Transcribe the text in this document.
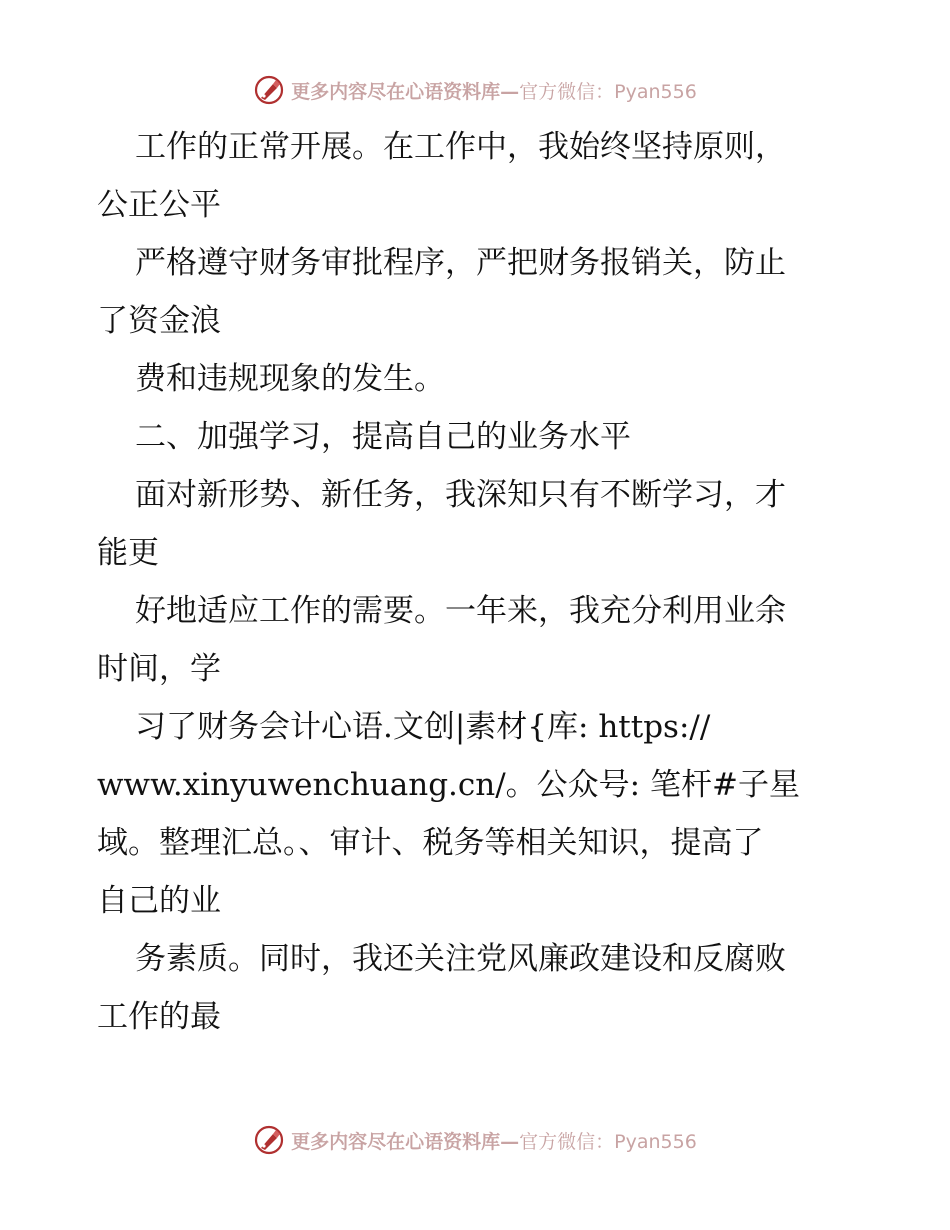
更多内容尽在心语资料库—官方微信：Pyan556
工作的正常开展。在工作中，我始终坚持原则，
公正公平
严格遵守财务审批程序，严把财务报销关，防止
了资金浪
费和违规现象的发生。
二、加强学习，提高自己的业务水平
面对新形势、新任务，我深知只有不断学习，才
能更
好地适应工作的需要。一年来，我充分利用业余
时间，学
习了财务会计心语.文创|素材{库: https://
www.xinyuwenchuang.cn/。公众号: 笔杆#子星
域。整理汇总。、审计、税务等相关知识，提高了
自己的业
务素质。同时，我还关注党风廉政建设和反腐败
工作的最
更多内容尽在心语资料库—官方微信：Pyan556
